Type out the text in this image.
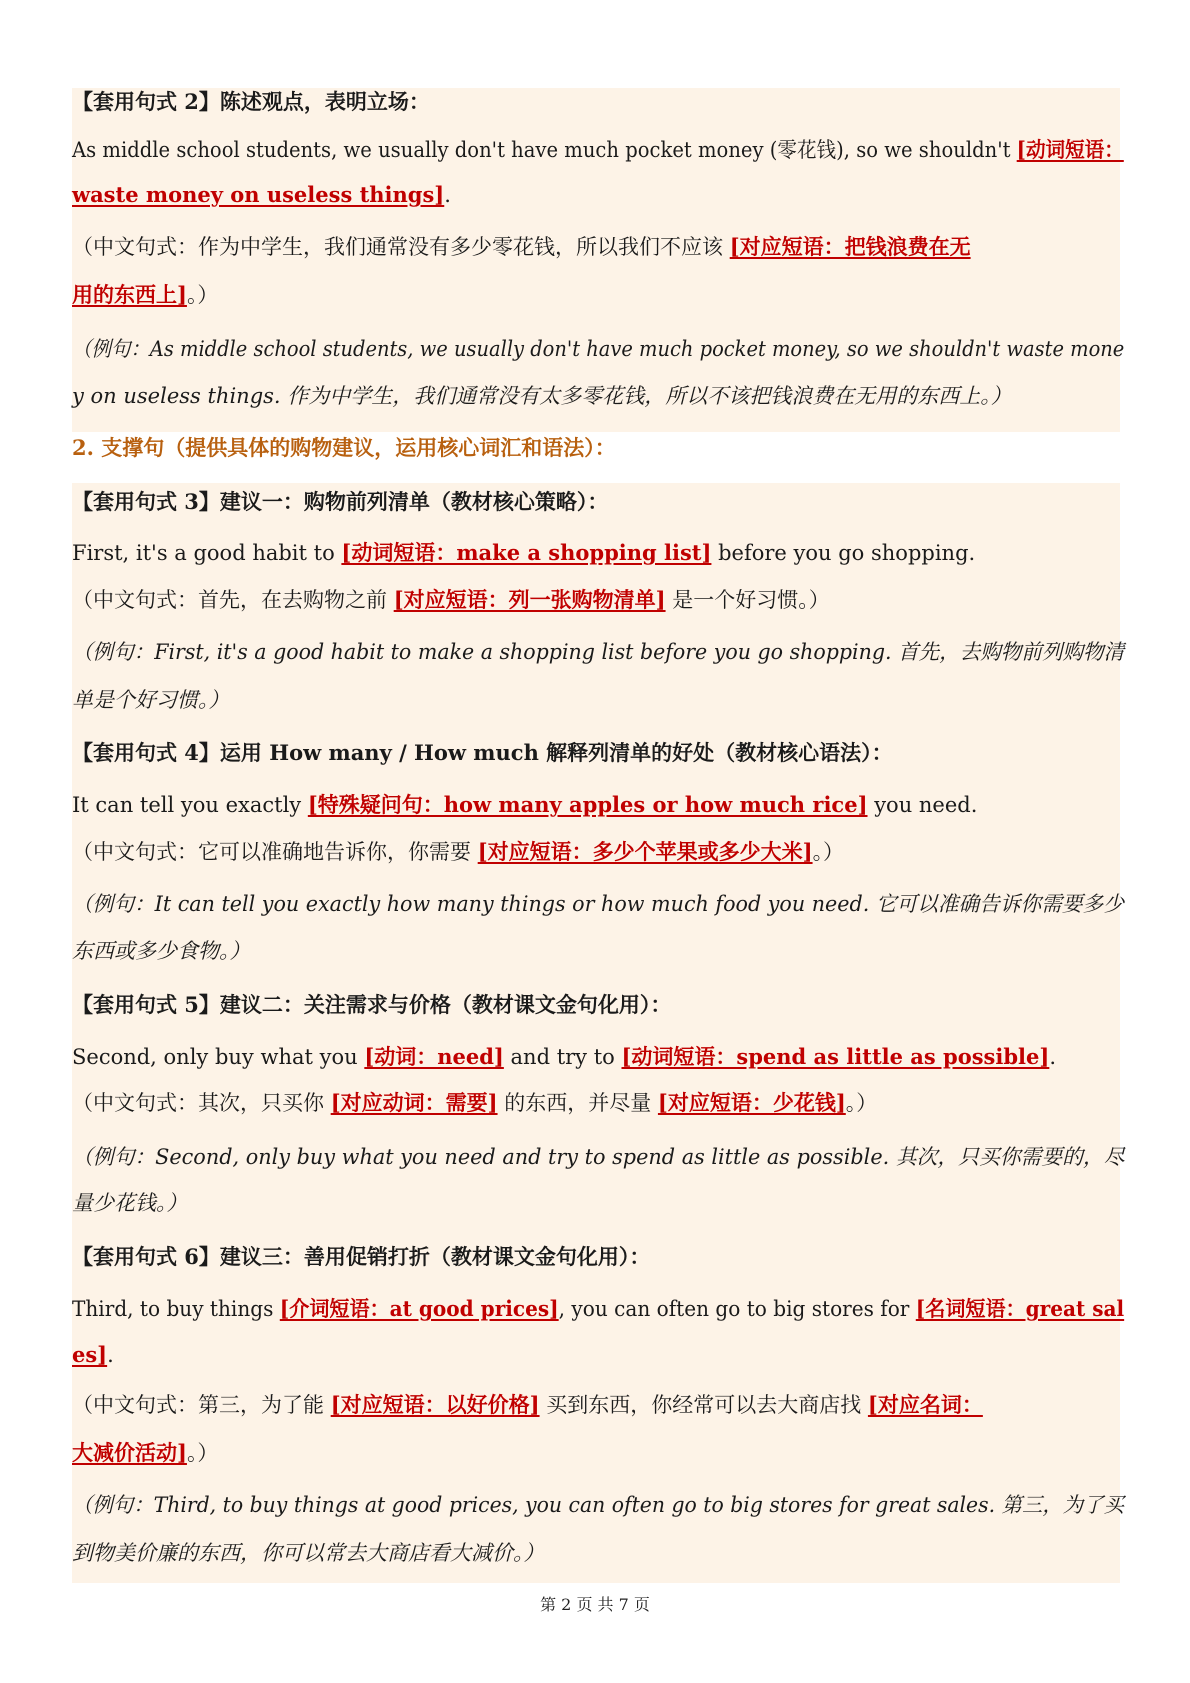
【套用句式 2】陈述观点，表明立场：
As middle school students, we usually don't have much pocket money (零花钱), so we shouldn't [动词短语：
waste money on useless things].
（中文句式：作为中学生，我们通常没有多少零花钱，所以我们不应该 [对应短语：把钱浪费在无
用的东西上]。）
（例句：As middle school students, we usually don't have much pocket money, so we shouldn't waste mone
y on useless things. 作为中学生，我们通常没有太多零花钱，所以不该把钱浪费在无用的东西上。）
2. 支撑句（提供具体的购物建议，运用核心词汇和语法）：
【套用句式 3】建议一：购物前列清单（教材核心策略）：
First, it's a good habit to [动词短语：make a shopping list] before you go shopping.
（中文句式：首先，在去购物之前 [对应短语：列一张购物清单] 是一个好习惯。）
（例句：First, it's a good habit to make a shopping list before you go shopping. 首先，去购物前列购物清
单是个好习惯。）
【套用句式 4】运用 How many / How much 解释列清单的好处（教材核心语法）：
It can tell you exactly [特殊疑问句：how many apples or how much rice] you need.
（中文句式：它可以准确地告诉你，你需要 [对应短语：多少个苹果或多少大米]。）
（例句：It can tell you exactly how many things or how much food you need. 它可以准确告诉你需要多少
东西或多少食物。）
【套用句式 5】建议二：关注需求与价格（教材课文金句化用）：
Second, only buy what you [动词：need] and try to [动词短语：spend as little as possible].
（中文句式：其次，只买你 [对应动词：需要] 的东西，并尽量 [对应短语：少花钱]。）
（例句：Second, only buy what you need and try to spend as little as possible. 其次，只买你需要的，尽
量少花钱。）
【套用句式 6】建议三：善用促销打折（教材课文金句化用）：
Third, to buy things [介词短语：at good prices], you can often go to big stores for [名词短语：great sal
es].
（中文句式：第三，为了能 [对应短语：以好价格] 买到东西，你经常可以去大商店找 [对应名词：
大减价活动]。）
（例句：Third, to buy things at good prices, you can often go to big stores for great sales. 第三，为了买
到物美价廉的东西，你可以常去大商店看大减价。）
第 2 页 共 7 页
